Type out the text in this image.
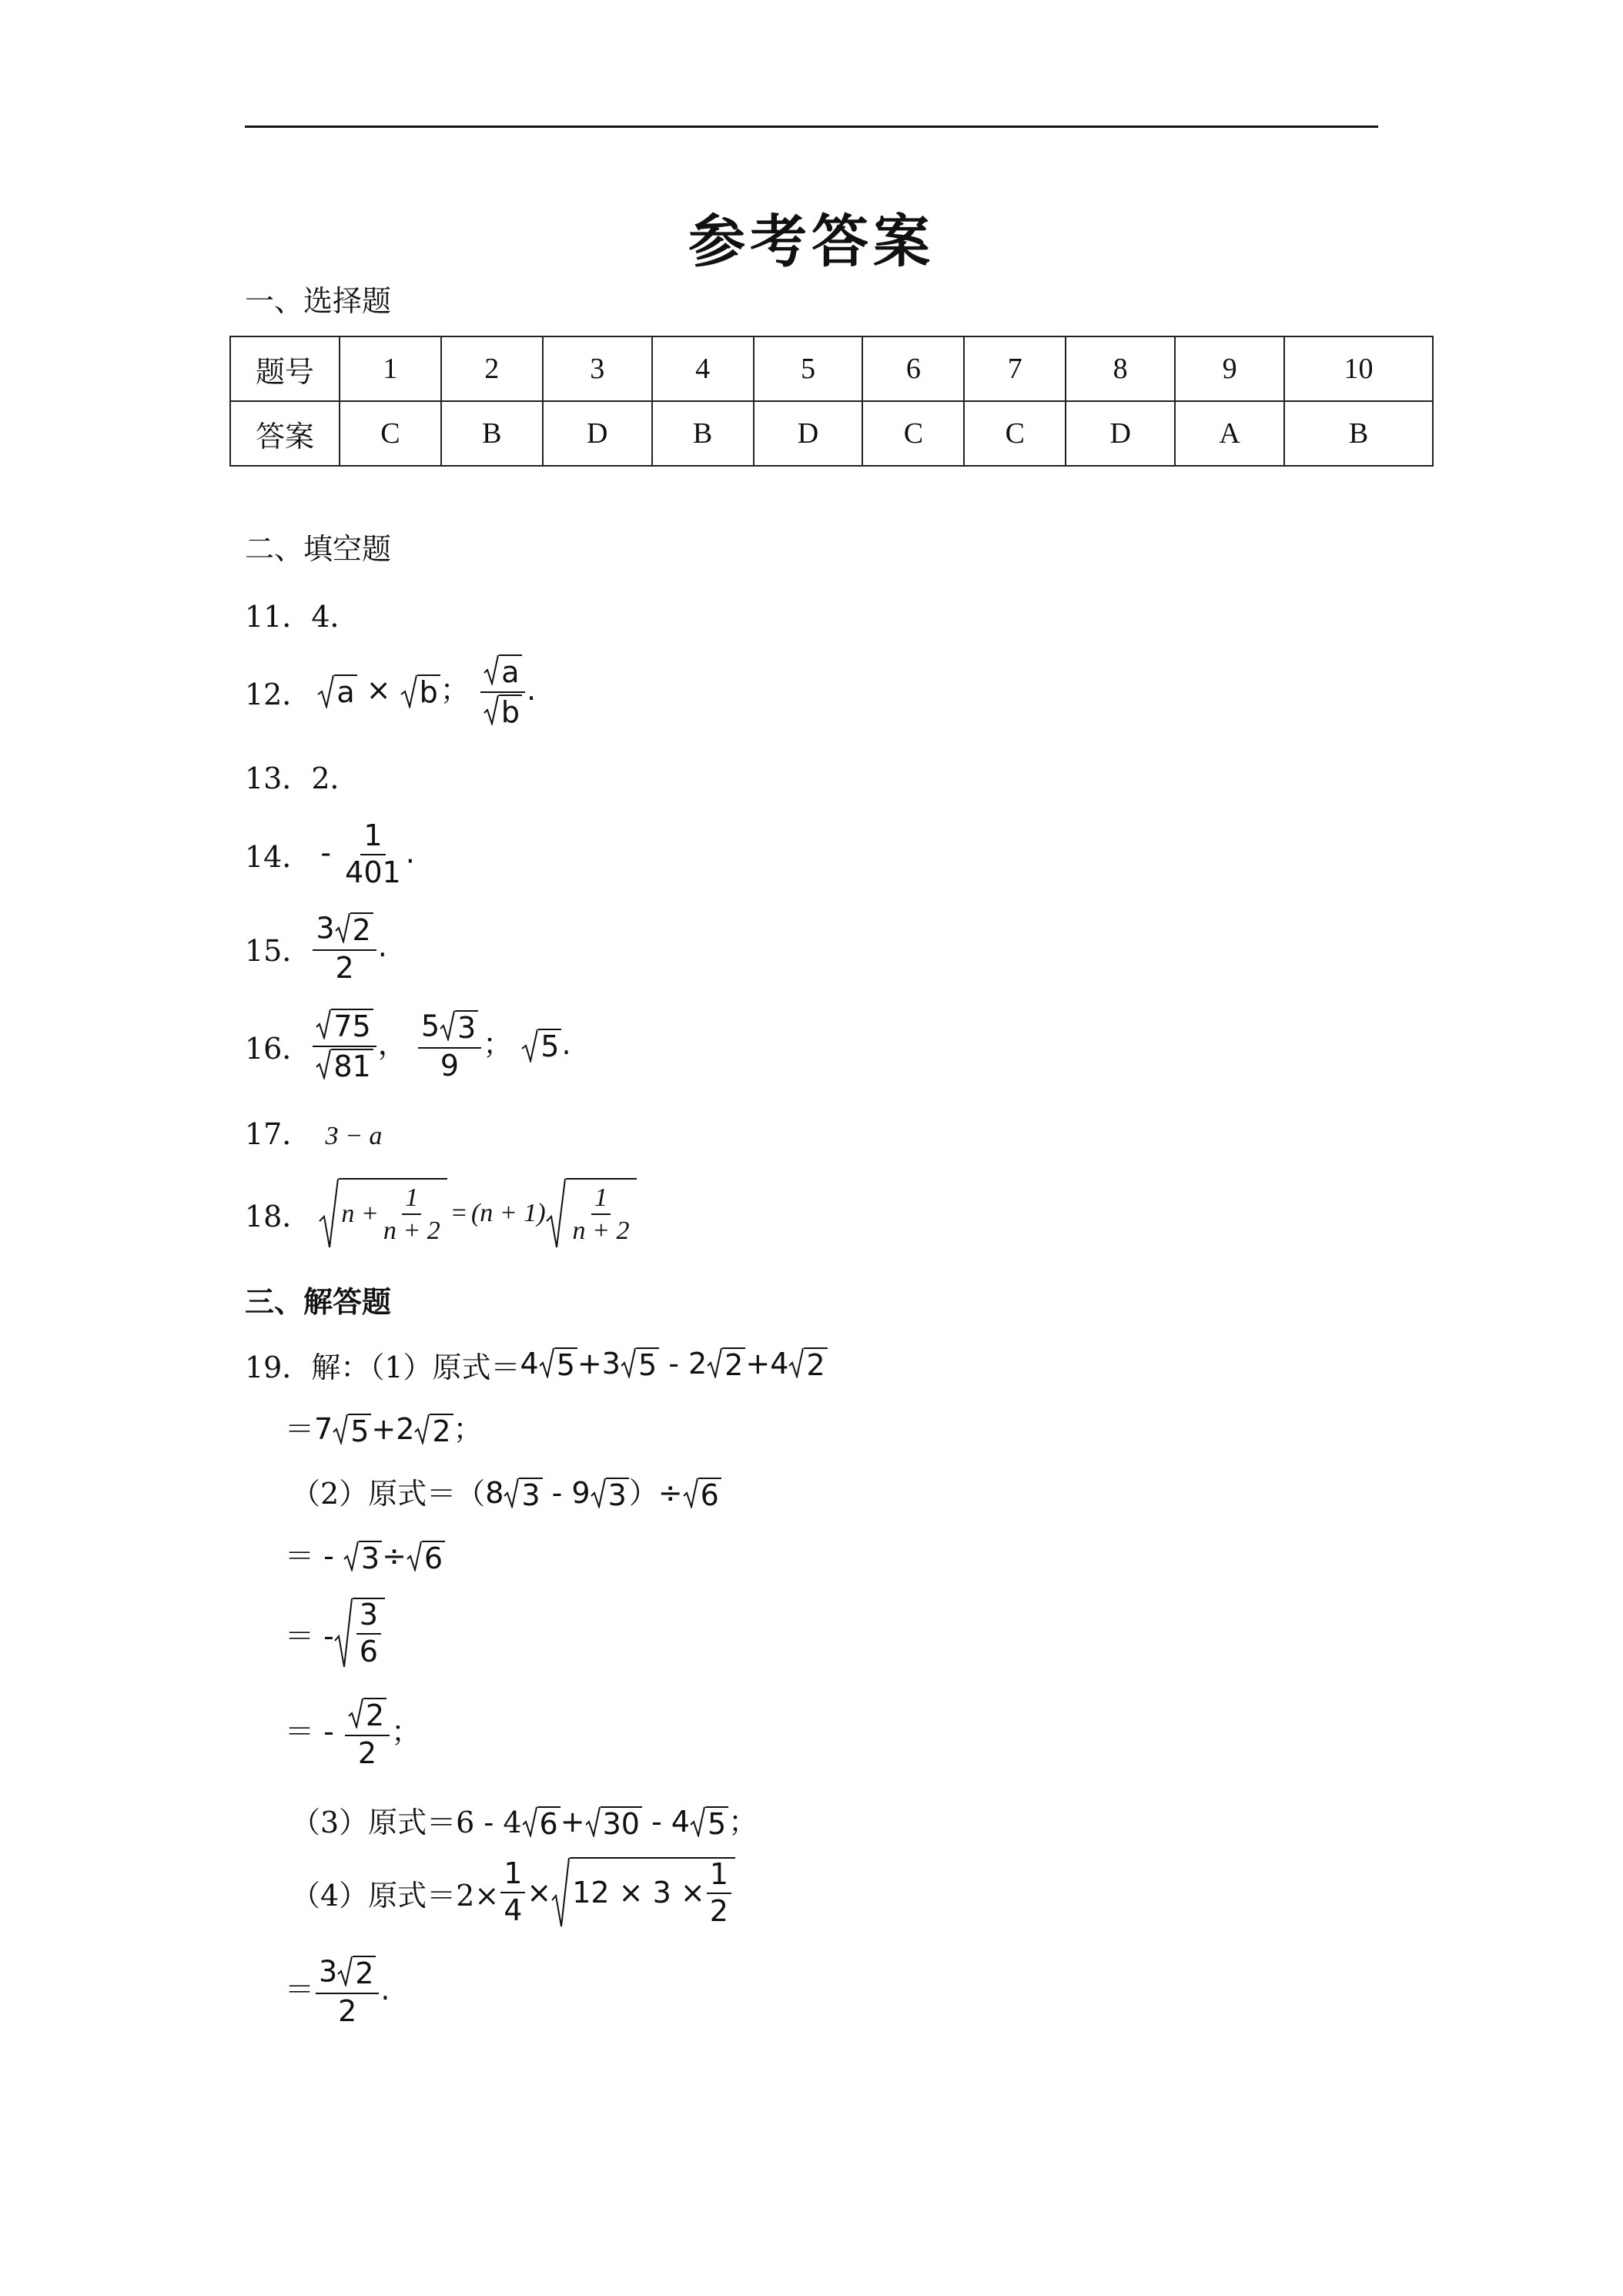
参考答案
一、选择题
题号	1	2	3	4	5	6	7	8	9	10
答案	C	B	D	B	D	C	C	D	A	B
二、填空题
11．4．
12． a × b ； $\frac{a}{b}$ .
13．2．
14． - $\frac{1}{401}$ .
15． $\frac{3 2}{2}$ .
16． $\frac{75}{81}$ ， $\frac{5 3}{9}$ ； 5 .
17． 3 − a
18． $n + \frac{1}{n + 2} = (n + 1) \frac{1}{n + 2}$
三、解答题
19．解：（1）原式＝ 4 5 +3 5 - 2 2 +4 2
＝7 5 +2 2 ；
（2）原式＝（ 8 3 - 9 3 ）÷ 6
＝ - 3 ÷ 6
＝ - $\frac{3}{6}$
＝ - $\frac{2}{2}$ ；
（3）原式＝6 - 4 6 + 30 - 4 5 ；
（4）原式$=2\times \frac{1}{4} \times 12 \times 3 \times \frac{1}{2}$
＝ $\frac{3 2}{2}$ .
